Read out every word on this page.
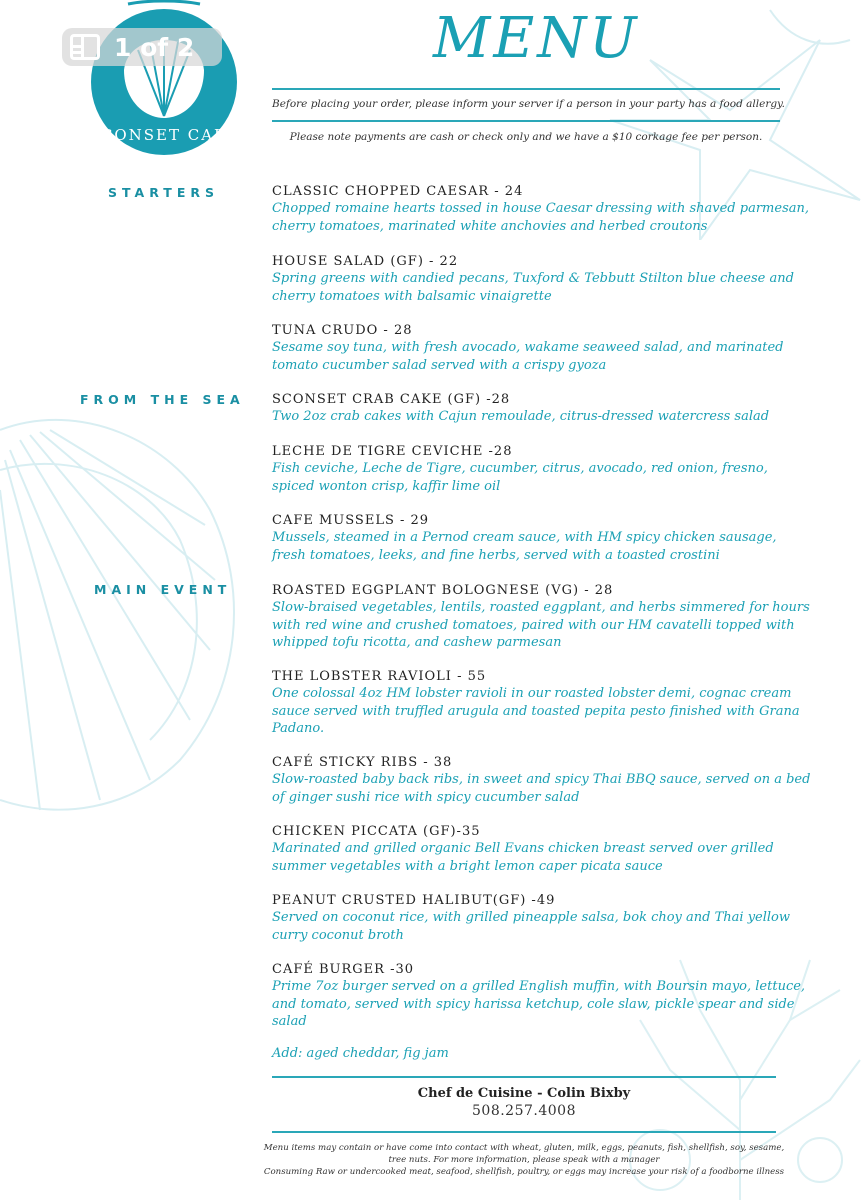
SCONSET CAFE
1 of 2	MENU
Before placing your order, please inform your server if a person in your party has a food allergy.
Please note payments are cash or check only and we have a $10 corkage fee per person.
STARTERS
FROM THE SEA
MAIN EVENT
CLASSIC CHOPPED CAESAR - 24
Chopped romaine hearts tossed in house Caesar dressing with shaved parmesan, cherry tomatoes, marinated white anchovies and herbed croutons
HOUSE SALAD (GF) - 22
Spring greens with candied pecans, Tuxford & Tebbutt Stilton blue cheese and cherry tomatoes with balsamic vinaigrette
TUNA CRUDO - 28
Sesame soy tuna, with fresh avocado, wakame seaweed salad, and marinated tomato cucumber salad served with a crispy gyoza
SCONSET CRAB CAKE (GF) -28
Two 2oz crab cakes with Cajun remoulade, citrus-dressed watercress salad
LECHE DE TIGRE CEVICHE -28
Fish ceviche, Leche de Tigre, cucumber, citrus, avocado, red onion, fresno, spiced wonton crisp, kaffir lime oil
CAFE MUSSELS - 29
Mussels, steamed in a Pernod cream sauce, with HM spicy chicken sausage, fresh tomatoes, leeks, and fine herbs, served with a toasted crostini
ROASTED EGGPLANT BOLOGNESE (VG) - 28
Slow-braised vegetables, lentils, roasted eggplant, and herbs simmered for hours with red wine and crushed tomatoes, paired with our HM cavatelli topped with whipped tofu ricotta, and cashew parmesan
THE LOBSTER RAVIOLI - 55
One colossal 4oz HM lobster ravioli in our roasted lobster demi, cognac cream sauce served with truffled arugula and toasted pepita pesto finished with Grana Padano.
CAFÉ STICKY RIBS - 38
Slow-roasted baby back ribs, in sweet and spicy Thai BBQ sauce, served on a bed of ginger sushi rice with spicy cucumber salad
CHICKEN PICCATA (GF)-35
Marinated and grilled organic Bell Evans chicken breast served over grilled summer vegetables with a bright lemon caper picata sauce
PEANUT CRUSTED HALIBUT(GF) -49
Served on coconut rice, with grilled pineapple salsa, bok choy and Thai yellow curry coconut broth
CAFÉ BURGER -30
Prime 7oz burger served on a grilled English muffin, with Boursin mayo, lettuce, and tomato, served with spicy harissa ketchup, cole slaw, pickle spear and side salad
Add: aged cheddar, fig jam
Chef de Cuisine - Colin Bixby
508.257.4008
Menu items may contain or have come into contact with wheat, gluten, milk, eggs, peanuts, fish, shellfish, soy, sesame,
tree nuts. For more information, please speak with a manager
Consuming Raw or undercooked meat, seafood, shellfish, poultry, or eggs may increase your risk of a foodborne illness
